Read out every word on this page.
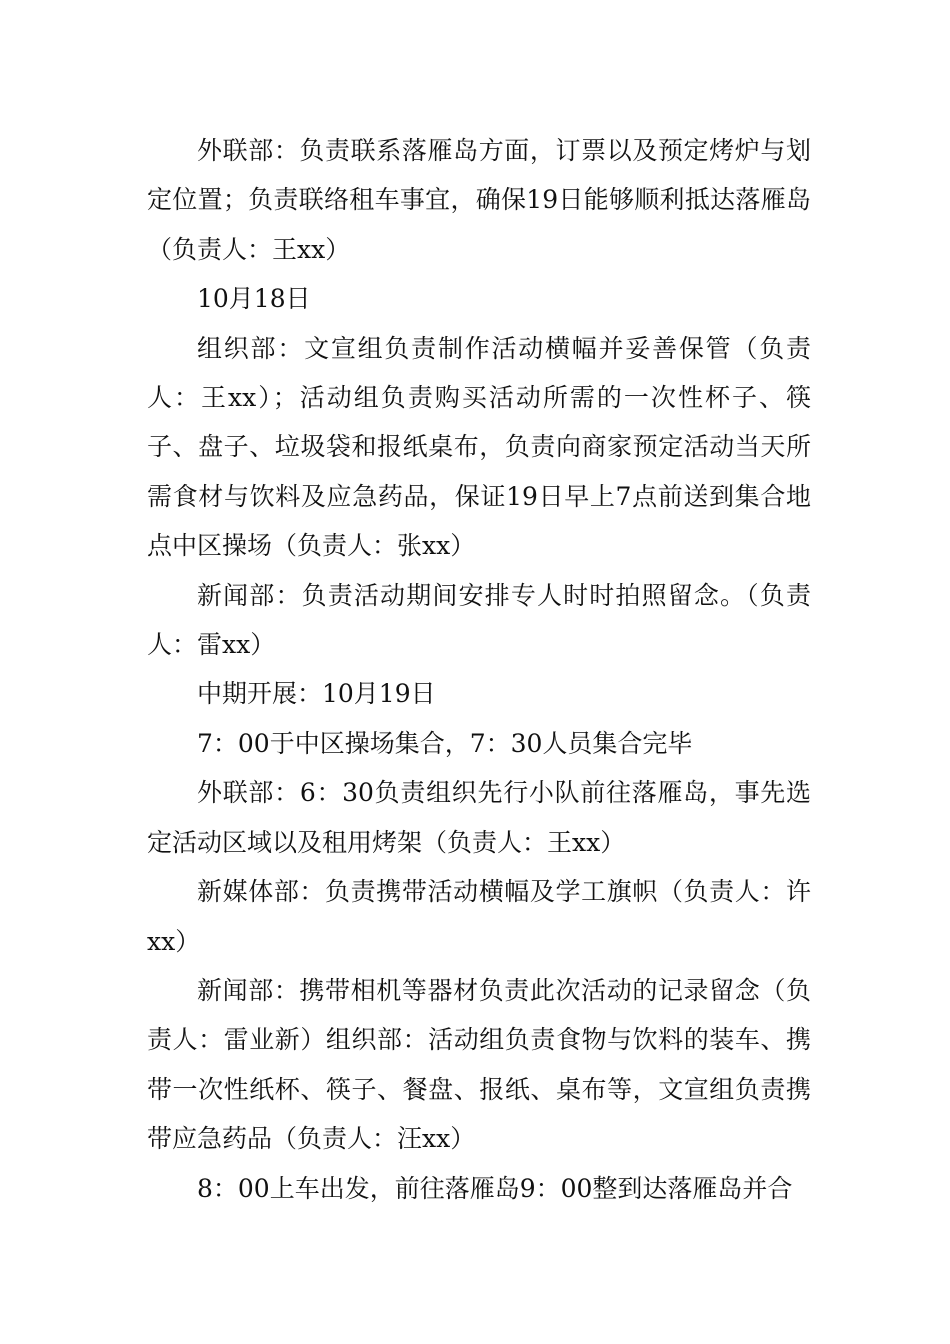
外联部：负责联系落雁岛方面，订票以及预定烤炉与划定位置；负责联络租车事宜，确保19日能够顺利抵达落雁岛（负责人：王xx）

10月18日

组织部：文宣组负责制作活动横幅并妥善保管（负责人：王xx）；活动组负责购买活动所需的一次性杯子、筷子、盘子、垃圾袋和报纸桌布，负责向商家预定活动当天所需食材与饮料及应急药品，保证19日早上7点前送到集合地点中区操场（负责人：张xx）

新闻部：负责活动期间安排专人时时拍照留念。（负责人：雷xx）

中期开展：10月19日

7：00于中区操场集合，7：30人员集合完毕

外联部：6：30负责组织先行小队前往落雁岛，事先选定活动区域以及租用烤架（负责人：王xx）

新媒体部：负责携带活动横幅及学工旗帜（负责人：许xx）

新闻部：携带相机等器材负责此次活动的记录留念（负责人：雷业新）组织部：活动组负责食物与饮料的装车、携带一次性纸杯、筷子、餐盘、报纸、桌布等，文宣组负责携带应急药品（负责人：汪xx）

8：00上车出发，前往落雁岛9：00整到达落雁岛并合
